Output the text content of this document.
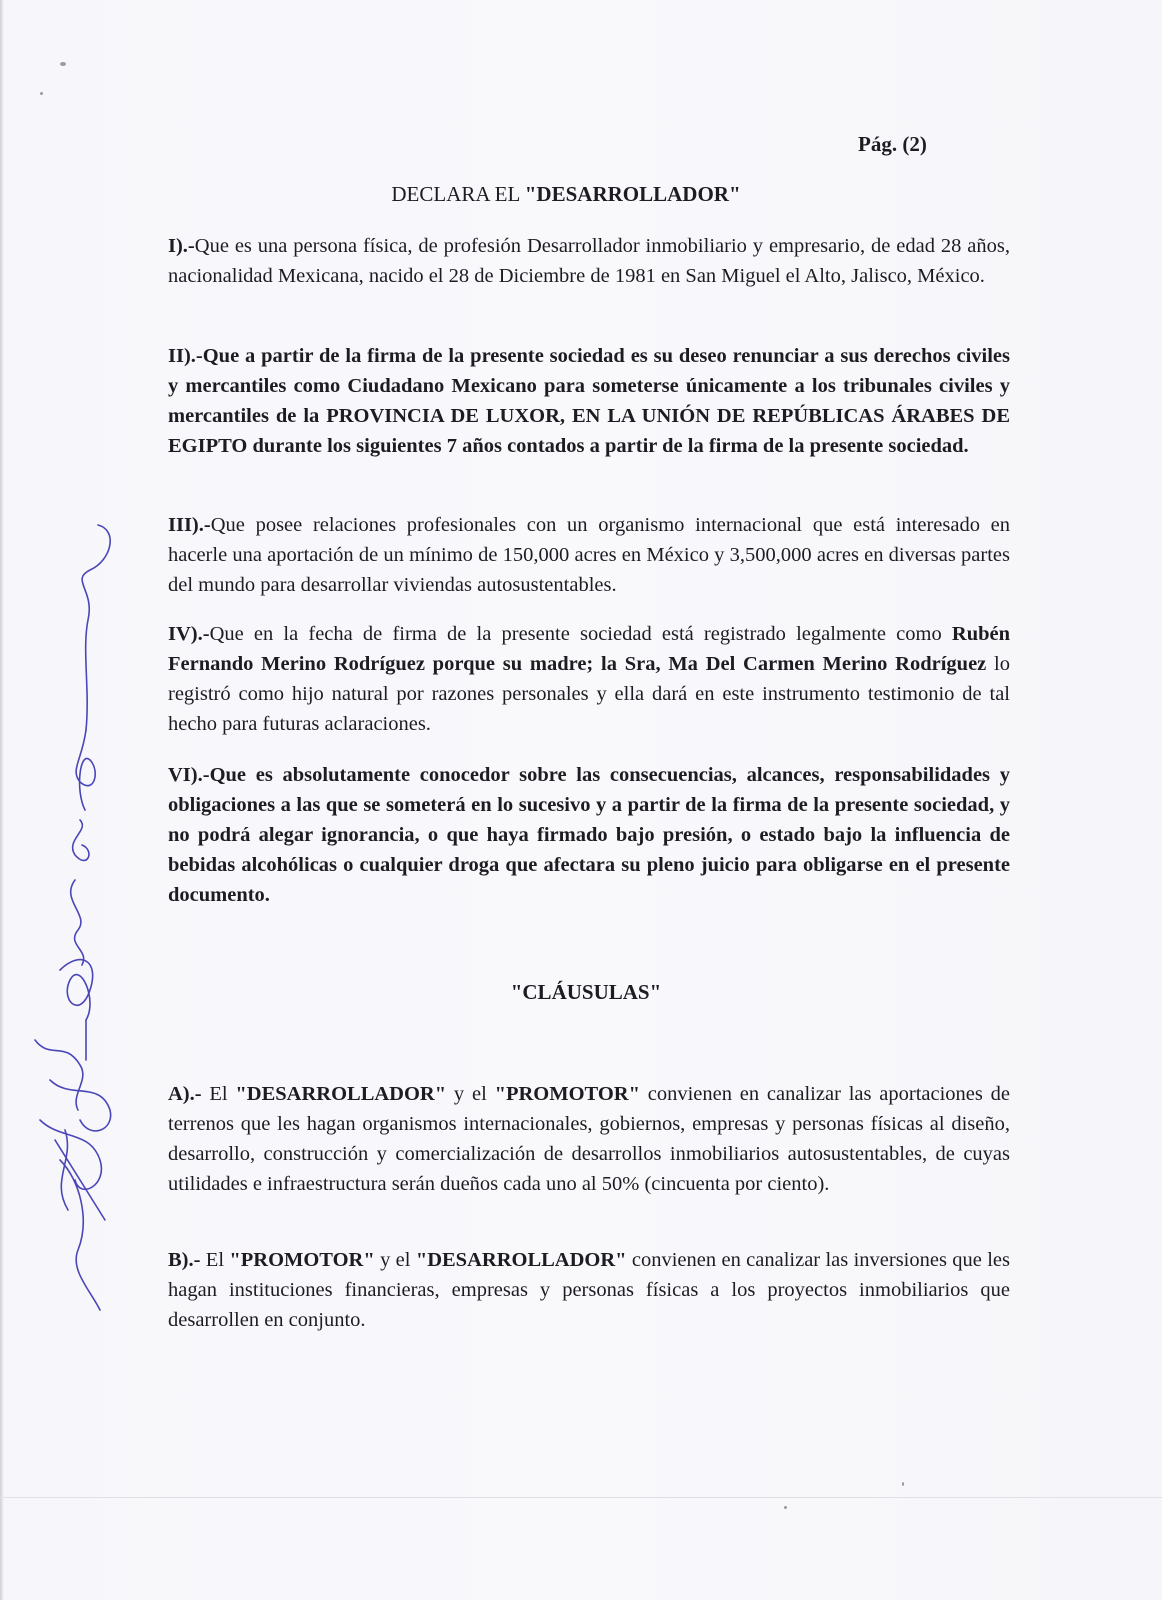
Pág. (2)

DECLARA EL "DESARROLLADOR"

I).-Que es una persona física, de profesión Desarrollador inmobiliario y empresario, de edad 28 años, nacionalidad Mexicana, nacido el 28 de Diciembre de 1981 en San Miguel el Alto, Jalisco, México.

II).-Que a partir de la firma de la presente sociedad es su deseo renunciar a sus derechos civiles y mercantiles como Ciudadano Mexicano para someterse únicamente a los tribunales civiles y mercantiles de la PROVINCIA DE LUXOR, EN LA UNIÓN DE REPÚBLICAS ÁRABES DE EGIPTO durante los siguientes 7 años contados a partir de la firma de la presente sociedad.

III).-Que posee relaciones profesionales con un organismo internacional que está interesado en hacerle una aportación de un mínimo de 150,000 acres en México y 3,500,000 acres en diversas partes del mundo para desarrollar viviendas autosustentables.

IV).-Que en la fecha de firma de la presente sociedad está registrado legalmente como Rubén Fernando Merino Rodríguez porque su madre; la Sra, Ma Del Carmen Merino Rodríguez lo registró como hijo natural por razones personales y ella dará en este instrumento testimonio de tal hecho para futuras aclaraciones.

VI).-Que es absolutamente conocedor sobre las consecuencias, alcances, responsabilidades y obligaciones a las que se someterá en lo sucesivo y a partir de la firma de la presente sociedad, y no podrá alegar ignorancia, o que haya firmado bajo presión, o estado bajo la influencia de bebidas alcohólicas o cualquier droga que afectara su pleno juicio para obligarse en el presente documento.

"CLÁUSULAS"

A).- El "DESARROLLADOR" y el "PROMOTOR" convienen en canalizar las aportaciones de terrenos que les hagan organismos internacionales, gobiernos, empresas y personas físicas al diseño, desarrollo, construcción y comercialización de desarrollos inmobiliarios autosustentables, de cuyas utilidades e infraestructura serán dueños cada uno al 50% (cincuenta por ciento).

B).- El "PROMOTOR" y el "DESARROLLADOR" convienen en canalizar las inversiones que les hagan instituciones financieras, empresas y personas físicas a los proyectos inmobiliarios que desarrollen en conjunto.
